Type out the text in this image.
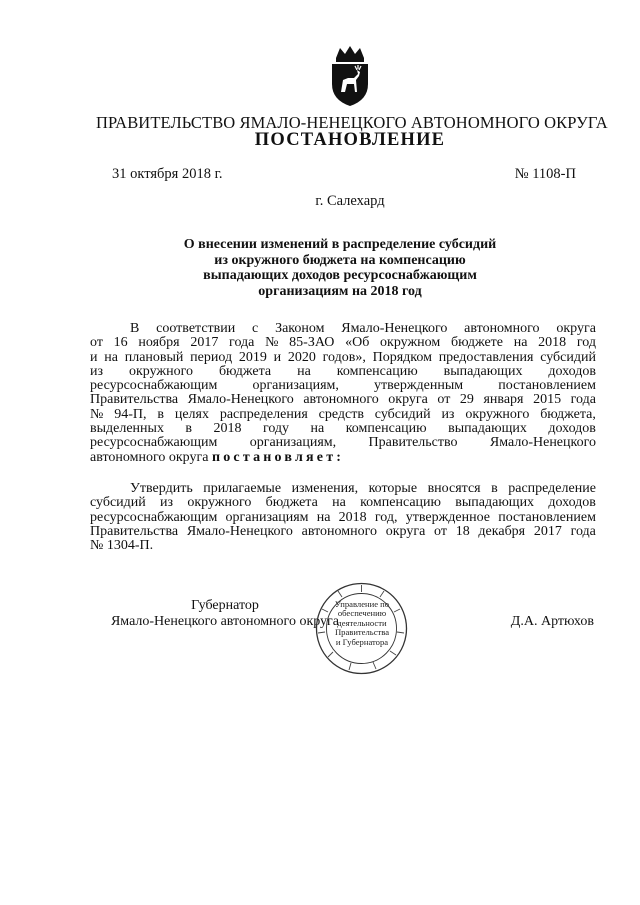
ПРАВИТЕЛЬСТВО ЯМАЛО-НЕНЕЦКОГО АВТОНОМНОГО ОКРУГА
ПОСТАНОВЛЕНИЕ
31 октября 2018 г.	№ 1108-П
г. Салехард
О внесении изменений в распределение субсидий
из окружного бюджета на компенсацию
выпадающих доходов ресурсоснабжающим
организациям на 2018 год
В соответствии с Законом Ямало-Ненецкого автономного округа
от 16 ноября 2017 года № 85-ЗАО «Об окружном бюджете на 2018 год
и на плановый период 2019 и 2020 годов», Порядком предоставления субсидий
из окружного бюджета на компенсацию выпадающих доходов
ресурсоснабжающим	организациям,	утвержденным	постановлением
Правительства Ямало-Ненецкого автономного округа от 29 января 2015 года
№ 94-П, в целях распределения средств субсидий из окружного бюджета,
выделенных в 2018 году на компенсацию выпадающих доходов
ресурсоснабжающим организациям, Правительство Ямало-Ненецкого
автономного округа
постановляет:
Утвердить прилагаемые изменения, которые вносятся в распределение
субсидий из окружного бюджета на компенсацию выпадающих доходов
ресурсоснабжающим организациям на 2018 год, утвержденное постановлением
Правительства Ямало-Ненецкого автономного округа от 18 декабря 2017 года
№ 1304-П.
Губернатор
Ямало-Ненецкого автономного округа
Управление по
обеспечению
деятельности
Правительства
и Губернатора
Д.А. Артюхов
